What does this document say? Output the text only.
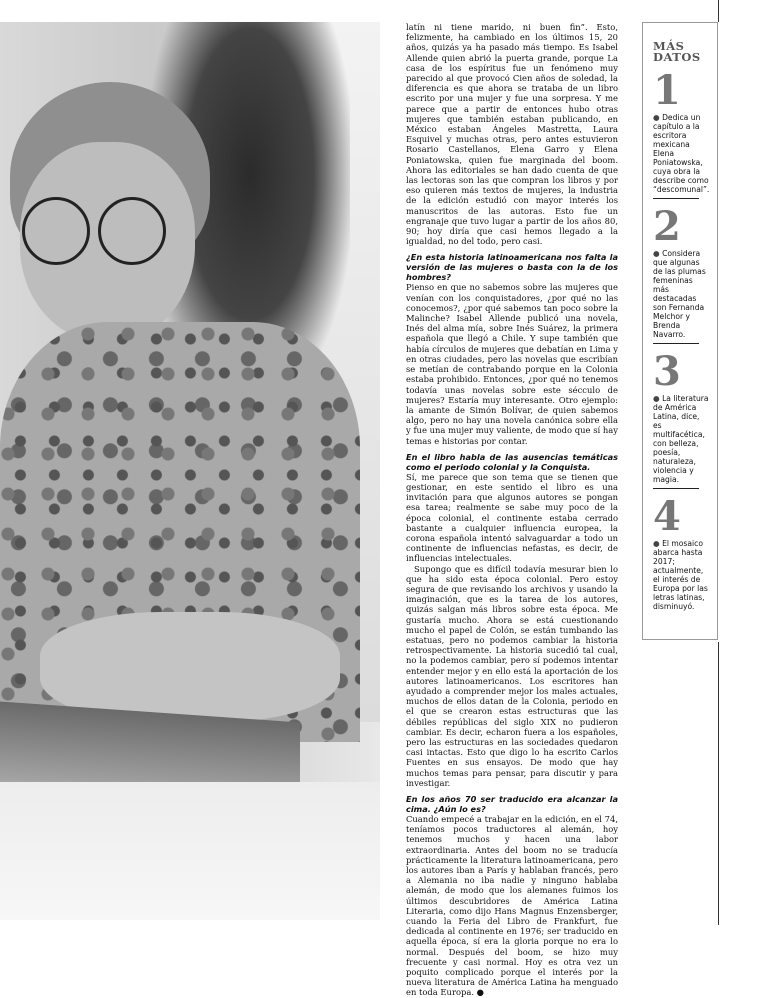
latín ni tiene marido, ni buen fin”. Esto, felizmente, ha cambiado en los últimos 15, 20 años, quizás ya ha pasado más tiempo. Es Isabel Allende quien abrió la puerta grande, porque La casa de los espíritus fue un fenómeno muy parecido al que provocó Cien años de soledad, la diferencia es que ahora se trataba de un libro escrito por una mujer y fue una sorpresa. Y me parece que a partir de entonces hubo otras mujeres que también estaban publicando, en México estaban Ángeles Mastretta, Laura Esquivel y muchas otras, pero antes estuvieron Rosario Castellanos, Elena Garro y Elena Poniatowska, quien fue marginada del boom. Ahora las editoriales se han dado cuenta de que las lectoras son las que compran los libros y por eso quieren más textos de mujeres, la industria de la edición estudió con mayor interés los manuscritos de las autoras. Esto fue un engranaje que tuvo lugar a partir de los años 80, 90; hoy diría que casi hemos llegado a la igualdad, no del todo, pero casi.

¿En esta historia latinoamericana nos falta la versión de las mujeres o basta con la de los hombres?

Pienso en que no sabemos sobre las mujeres que venían con los conquistadores, ¿por qué no las conocemos?, ¿por qué sabemos tan poco sobre la Malinche? Isabel Allende publicó una novela, Inés del alma mía, sobre Inés Suárez, la primera española que llegó a Chile. Y supe también que había círculos de mujeres que debatían en Lima y en otras ciudades, pero las novelas que escribían se metían de contrabando porque en la Colonia estaba prohibido. Entonces, ¿por qué no tenemos todavía unas novelas sobre este sécculo de mujeres? Estaría muy interesante. Otro ejemplo: la amante de Simón Bolívar, de quien sabemos algo, pero no hay una novela canónica sobre ella y fue una mujer muy valiente, de modo que sí hay temas e historias por contar.

En el libro habla de las ausencias temáticas como el periodo colonial y la Conquista.

Sí, me parece que son tema que se tienen que gestionar, en este sentido el libro es una invitación para que algunos autores se pongan esa tarea; realmente se sabe muy poco de la época colonial, el continente estaba cerrado bastante a cualquier influencia europea, la corona española intentó salvaguardar a todo un continente de influencias nefastas, es decir, de influencias intelectuales.

Supongo que es difícil todavía mesurar bien lo que ha sido esta época colonial. Pero estoy segura de que revisando los archivos y usando la imaginación, que es la tarea de los autores, quizás salgan más libros sobre esta época. Me gustaría mucho. Ahora se está cuestionando mucho el papel de Colón, se están tumbando las estatuas, pero no podemos cambiar la historia retrospectivamente. La historia sucedió tal cual, no la podemos cambiar, pero sí podemos intentar entender mejor y en ello está la aportación de los autores latinoamericanos. Los escritores han ayudado a comprender mejor los males actuales, muchos de ellos datan de la Colonia, periodo en el que se crearon estas estructuras que las débiles repúblicas del siglo XIX no pudieron cambiar. Es decir, echaron fuera a los españoles, pero las estructuras en las sociedades quedaron casi intactas. Esto que digo lo ha escrito Carlos Fuentes en sus ensayos. De modo que hay muchos temas para pensar, para discutir y para investigar.

En los años 70 ser traducido era alcanzar la cima. ¿Aún lo es?

Cuando empecé a trabajar en la edición, en el 74, teníamos pocos traductores al alemán, hoy tenemos muchos y hacen una labor extraordinaria. Antes del boom no se traducía prácticamente la literatura latinoamericana, pero los autores iban a París y hablaban francés, pero a Alemania no iba nadie y ninguno hablaba alemán, de modo que los alemanes fuimos los últimos descubridores de América Latina Literaria, como dijo Hans Magnus Enzensberger, cuando la Feria del Libro de Frankfurt, fue dedicada al continente en 1976; ser traducido en aquella época, sí era la gloria porque no era lo normal. Después del boom, se hizo muy frecuente y casi normal. Hoy es otra vez un poquito complicado porque el interés por la nueva literatura de América Latina ha menguado en toda Europa. ●

MÁS DATOS
1
● Dedica un capítulo a la escritora mexicana Elena Poniatowska, cuya obra la describe como “descomunal”.
2
● Considera que algunas de las plumas femeninas más destacadas son Fernanda Melchor y Brenda Navarro.
3
● La literatura de América Latina, dice, es multifacética, con belleza, poesía, naturaleza, violencia y magia.
4
● El mosaico abarca hasta 2017; actualmente, el interés de Europa por las letras latinas, disminuyó.
